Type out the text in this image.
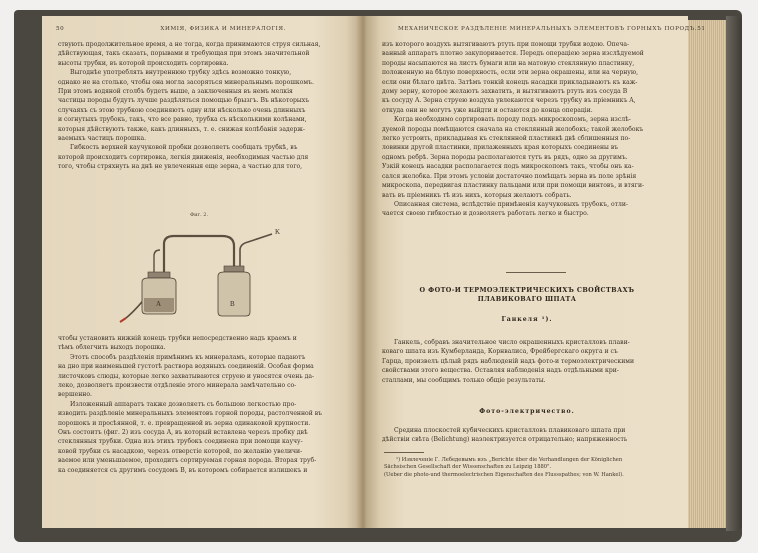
50	ХИМІЯ, ФИЗИКА И МИНЕРАЛОГІЯ.
ствують продолжительное время, а не тогда, когда принимаются струя сильная,
дѣйствующая, такъ сказать, порывами и требующая при этомъ значительной
высоты трубки, въ которой происходить сортировка.
Выгоднѣе употреблять внутреннюю трубку здѣсь возможно тонкую,
однако не на столько, чтобы она могла засоряться минеральнымъ порошкомъ.
При этомъ водяной столбъ будетъ выше, а заключенныя въ немъ мелкія
частицы породы будутъ лучше раздѣляться помощью брызгъ. Въ нѣкоторыхъ
случаяхъ съ этою трубкою соединяютъ одну или нѣсколько очень длинныхъ
и согнутыхъ трубокъ, такъ, что все равно, трубка съ нѣсколькими колѣнами,
которыя дѣйствуютъ также, какъ длинныхъ, т. е. снижая колѣбанія задерж-
ваемыхъ частицъ порошка.
Гибкость верхней каучуковой пробки дозволяетъ сообщать трубкѣ, въ
которой происходитъ сортировка, легкія движенія, необходимыя частью для
того, чтобы стряхнуть на днѣ не увлеченныя еще зерна, а частью для того,
A	B
K
Фиг. 2.
чтобы установить нижній конецъ трубки непосредственно надъ краемъ и
тѣмъ облегчить выходъ порошка.
Этотъ способъ раздѣленія примѣнимъ къ минераламъ, которые падаютъ
на дно при наименьшей густотѣ раствора водяныхъ соединеній. Особая форма
листочковъ слюды, которые легко захватываются струею и уносятся очень да-
леко, дозволяетъ произвести отдѣленіе этого минерала замѣчательно со-
вершенно.
Изложенный аппаратъ также дозволяетъ съ большою легкостью про-
изводить раздѣленіе минеральныхъ элементовъ горной породы, растолченной въ
порошокъ и просѣянной, т. е. превращенной въ зерна одинаковой крупности.
Онъ состоитъ (фиг. 2) изъ сосуда A, въ который вставлена черезъ пробку двѣ
стеклянныя трубки. Одна изъ этихъ трубокъ соединена при помощи каучу-
ковой трубки съ насадкою, черезъ отверстіе которой, по желанію увеличи-
ваемое или уменьшаемое, проходитъ сортируемая горная порода. Вторая труб-
ка соединяется съ другимъ сосудомъ B, въ которомъ собирается излишекъ и
МЕХАНИЧЕСКОЕ РАЗДѢЛЕНІЕ МИНЕРАЛЬНЫХЪ ЭЛЕМЕНТОВЪ ГОРНЫХЪ ПОРОДЪ. 51
изъ которого воздухъ вытягиваютъ ртуть при помощи трубки водою. Опеча-
ванный аппаратъ плотно закупоривается. Передъ операціею зерна изслѣдуемой
породы насыпаются на листъ бумаги или на матовую стеклянную пластинку,
положенную на бѣлую поверхность, если эти зерна окрашены, или на черную,
если они бѣлаго цвѣта. Затѣмъ тонкій конецъ насадки прикладываютъ къ каж-
дому зерну, которое желаютъ захватить, и вытягиваютъ ртуть изъ сосуда B
къ сосуду A. Зерна струею воздуха увлекаются черезъ трубку въ пріемникъ A,
откуда они не могутъ уже выйдти и остаются до конца операціи.
Когда необходимо сортировать породу подъ микроскопомъ, зерна изслѣ-
дуемой породы помѣщаются сначала на стеклянный желобокъ; такой желобокъ
легко устроить, прикладывая къ стеклянной пластинкѣ двѣ сблишенныя по-
ловинки другой пластинки, прилаженныхъ края которыхъ соединены въ
одномъ ребрѣ. Зерна породы располагаются тутъ въ рядъ, одно за другимъ.
Узкій конецъ насадки располагается подъ микроскопомъ такъ, чтобы онъ ка-
сался желобка. При этомъ условіи достаточно помѣщать зерна въ поле зрѣнія
микроскопа, передвигая пластинку пальцами или при помощи винтовъ, и втяги-
вать въ пріемникъ тѣ изъ нихъ, которыя желаютъ собрать.
Описанная система, вслѣдствіе примѣненія каучуковыхъ трубокъ, отли-
чается своею гибкостью и дозволяетъ работать легко и быстро.
О ФОТО-И ТЕРМОЭЛЕКТРИЧЕСКИХЪ СВОЙСТВАХЪ ПЛАВИКОВАГО ШПАТА
Ганкеля ¹).
Ганкель, собравъ значительное число окрашенныхъ кристалловъ плави-
коваго шпата изъ Кумберланда, Корнвалиса, Фрейбергскаго округа и съ
Гарца, произвелъ цѣлый рядъ наблюденій надъ фото-и термоэлектрическими
свойствами этого вещества. Оставляя наблюденія надъ отдѣльными кри-
сталлами, мы сообщимъ только общіе результаты.
Фото-электричество.
Средина плоскостей кубическихъ кристалловъ плавиковаго шпата при
дѣйствіи свѣта (Belichtung) наэлектризуется отрицательно; напряженность
¹) Извлеченіе Г. Лебедевымъ изъ „Berichte über die Verhandlungen der Königlichen
Sächsischen Gesellschaft der Wissenschaften zu Leipzig 1880".
(Ueber die photo-und thermoelectrischen Eigenschaften des Flussspathes; von W. Hankel).
